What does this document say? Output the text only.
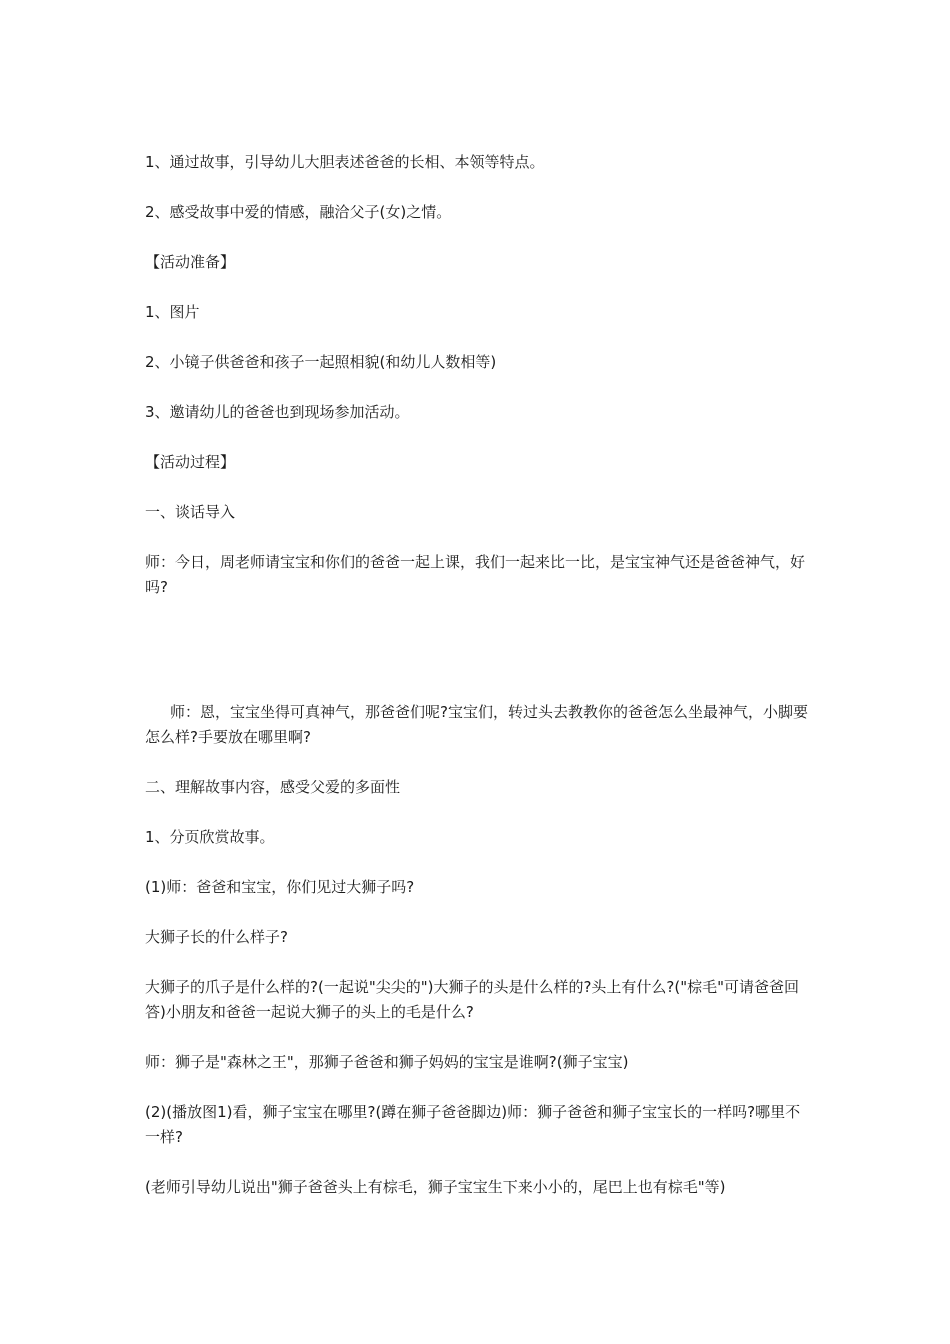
1、通过故事，引导幼儿大胆表述爸爸的长相、本领等特点。

2、感受故事中爱的情感，融洽父子(女)之情。

【活动准备】

1、图片

2、小镜子供爸爸和孩子一起照相貌(和幼儿人数相等)

3、邀请幼儿的爸爸也到现场参加活动。

【活动过程】

一、谈话导入

师：今日，周老师请宝宝和你们的爸爸一起上课，我们一起来比一比，是宝宝神气还是爸爸神气，好吗?

师：恩，宝宝坐得可真神气，那爸爸们呢?宝宝们，转过头去教教你的爸爸怎么坐最神气，小脚要怎么样?手要放在哪里啊?

二、理解故事内容，感受父爱的多面性

1、分页欣赏故事。

(1)师：爸爸和宝宝，你们见过大狮子吗?

大狮子长的什么样子?

大狮子的爪子是什么样的?(一起说"尖尖的")大狮子的头是什么样的?头上有什么?("棕毛"可请爸爸回答)小朋友和爸爸一起说大狮子的头上的毛是什么?

师：狮子是"森林之王"，那狮子爸爸和狮子妈妈的宝宝是谁啊?(狮子宝宝)

(2)(播放图1)看，狮子宝宝在哪里?(蹲在狮子爸爸脚边)师：狮子爸爸和狮子宝宝长的一样吗?哪里不一样?

(老师引导幼儿说出"狮子爸爸头上有棕毛，狮子宝宝生下来小小的，尾巴上也有棕毛"等)
